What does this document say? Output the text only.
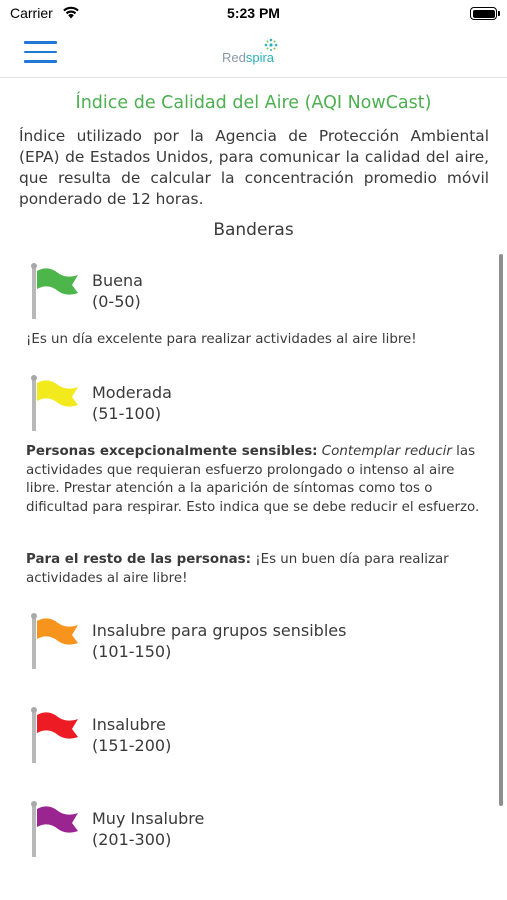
Carrier	5:23 PM
Redspira
Índice de Calidad del Aire (AQI NowCast)
Índice utilizado por la Agencia de Protección Ambiental (EPA) de Estados Unidos, para comunicar la calidad del aire, que resulta de calcular la concentración promedio móvil ponderado de 12 horas.
Banderas
Buena
(0-50)
¡Es un día excelente para realizar actividades al aire libre!
Moderada
(51-100)
Personas excepcionalmente sensibles: Contemplar reducir las actividades que requieran esfuerzo prolongado o intenso al aire libre. Prestar atención a la aparición de síntomas como tos o dificultad para respirar. Esto indica que se debe reducir el esfuerzo.
Para el resto de las personas: ¡Es un buen día para realizar actividades al aire libre!
Insalubre para grupos sensibles
(101-150)
Insalubre
(151-200)
Muy Insalubre
(201-300)
